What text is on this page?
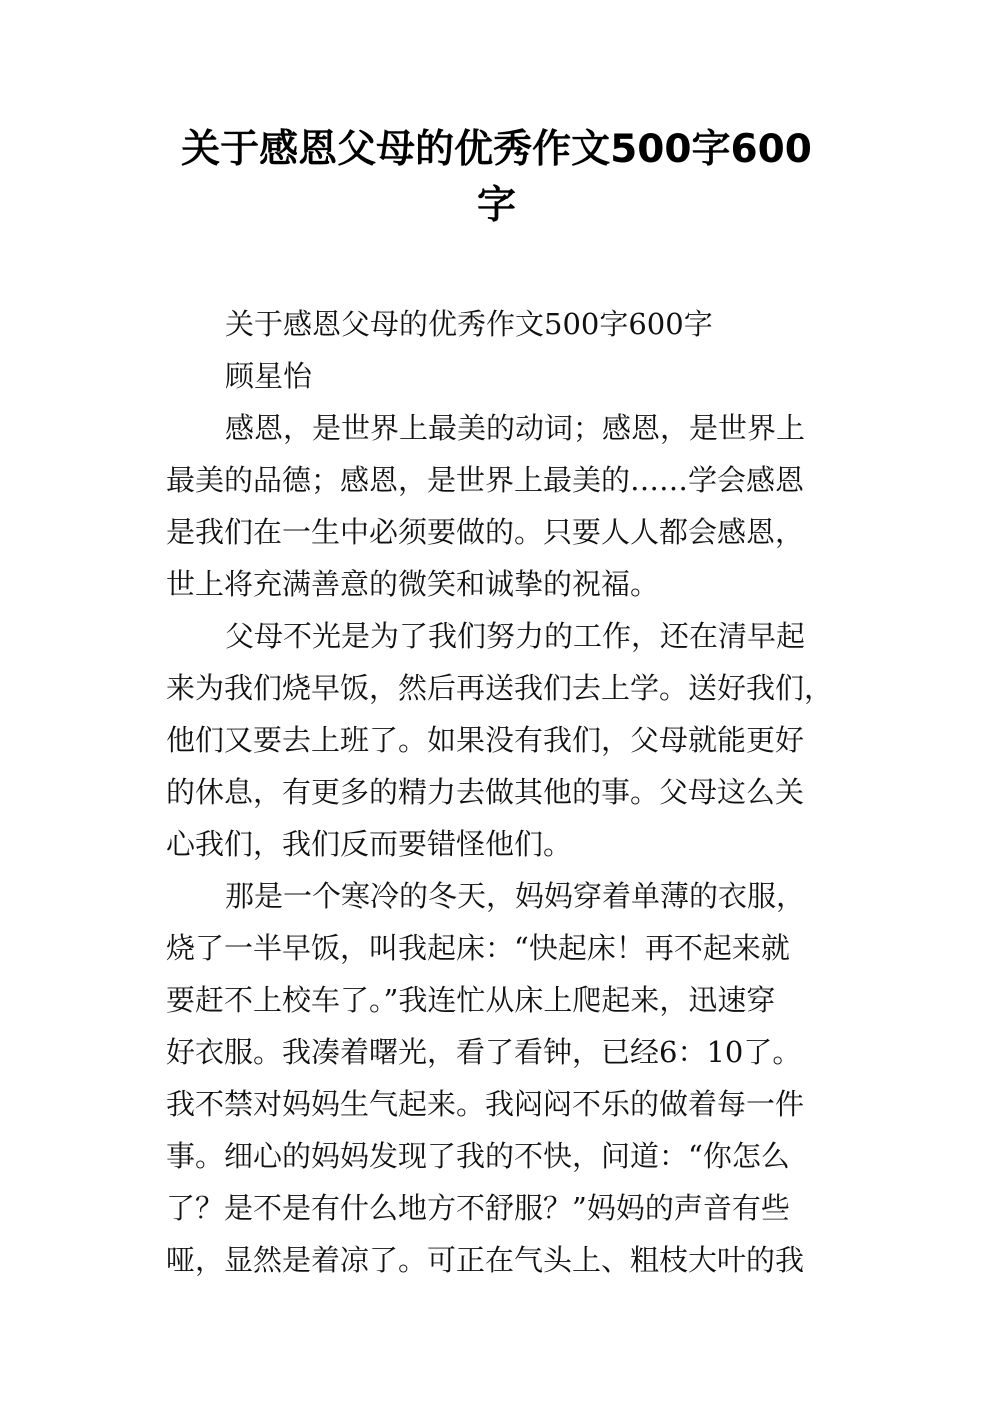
关于感恩父母的优秀作文500字600
字
关于感恩父母的优秀作文500字600字
顾星怡
感恩，是世界上最美的动词；感恩，是世界上
最美的品德；感恩，是世界上最美的……学会感恩
是我们在一生中必须要做的。只要人人都会感恩，
世上将充满善意的微笑和诚挚的祝福。
父母不光是为了我们努力的工作，还在清早起
来为我们烧早饭，然后再送我们去上学。送好我们，
他们又要去上班了。如果没有我们，父母就能更好
的休息，有更多的精力去做其他的事。父母这么关
心我们，我们反而要错怪他们。
那是一个寒冷的冬天，妈妈穿着单薄的衣服，
烧了一半早饭，叫我起床：“快起床！再不起来就
要赶不上校车了。”我连忙从床上爬起来，迅速穿
好衣服。我凑着曙光，看了看钟，已经6：10了。
我不禁对妈妈生气起来。我闷闷不乐的做着每一件
事。细心的妈妈发现了我的不快，问道：“你怎么
了？是不是有什么地方不舒服？”妈妈的声音有些
哑，显然是着凉了。可正在气头上、粗枝大叶的我
